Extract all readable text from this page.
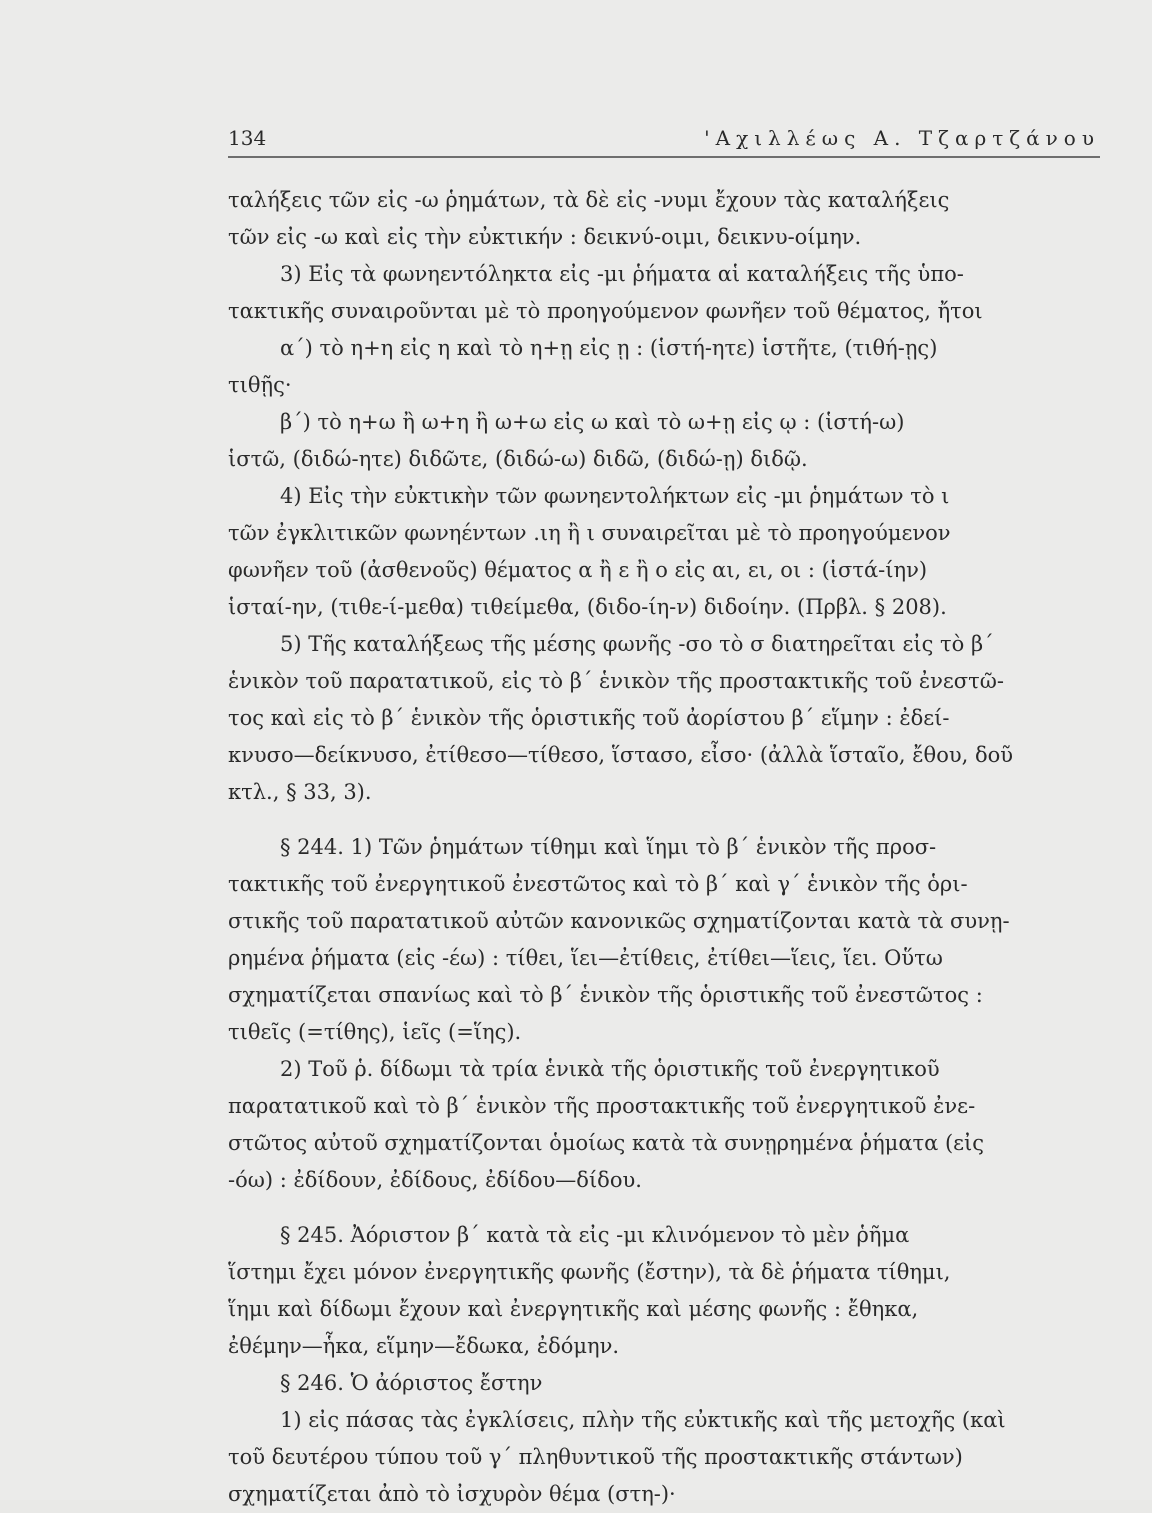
134	'Αχιλλέως Α. Τζαρτζάνου

ταλήξεις τῶν εἰς -ω ῥημάτων, τὰ δὲ εἰς -νυμι ἔχουν τὰς καταλήξεις

τῶν εἰς -ω καὶ εἰς τὴν εὐκτικήν : δεικνύ-οιμι, δεικνυ-οίμην.

3) Εἰς τὰ φωνηεντόληκτα εἰς -μι ῥήματα αἱ καταλήξεις τῆς ὑπο-

τακτικῆς συναιροῦνται μὲ τὸ προηγούμενον φωνῆεν τοῦ θέματος, ἤτοι

α΄) τὸ η+η εἰς η καὶ τὸ η+ῃ εἰς ῃ : (ἱστή-ητε) ἱστῆτε, (τιθή-ῃς)

τιθῇς·

β΄) τὸ η+ω ἢ ω+η ἢ ω+ω εἰς ω καὶ τὸ ω+ῃ εἰς ῳ : (ἱστή-ω)

ἱστῶ, (διδώ-ητε) διδῶτε, (διδώ-ω) διδῶ, (διδώ-ῃ) διδῷ.

4) Εἰς τὴν εὐκτικὴν τῶν φωνηεντολήκτων εἰς -μι ῥημάτων τὸ ι

τῶν ἐγκλιτικῶν φωνηέντων .ιη ἢ ι συναιρεῖται μὲ τὸ προηγούμενον

φωνῆεν τοῦ (ἀσθενοῦς) θέματος α ἢ ε ἢ ο εἰς αι, ει, οι : (ἱστά-ίην)

ἱσταί-ην, (τιθε-ί-μεθα) τιθείμεθα, (διδο-ίη-ν) διδοίην. (Πρβλ. § 208).

5) Τῆς καταλήξεως τῆς μέσης φωνῆς -σο τὸ σ διατηρεῖται εἰς τὸ β΄

ἑνικὸν τοῦ παρατατικοῦ, εἰς τὸ β΄ ἑνικὸν τῆς προστακτικῆς τοῦ ἐνεστῶ-

τος καὶ εἰς τὸ β΄ ἑνικὸν τῆς ὁριστικῆς τοῦ ἀορίστου β΄ εἵμην : ἐδεί-

κνυσο—δείκνυσο, ἐτίθεσο—τίθεσο, ἵστασο, εἶσο· (ἀλλὰ ἵσταῖο, ἔθου, δοῦ

κτλ., § 33, 3).

§ 244. 1) Τῶν ῥημάτων τίθημι καὶ ἵημι τὸ β΄ ἑνικὸν τῆς προσ-

τακτικῆς τοῦ ἐνεργητικοῦ ἐνεστῶτος καὶ τὸ β΄ καὶ γ΄ ἑνικὸν τῆς ὁρι-

στικῆς τοῦ παρατατικοῦ αὐτῶν κανονικῶς σχηματίζονται κατὰ τὰ συνῃ-

ρημένα ῥήματα (εἰς -έω) : τίθει, ἵει—ἐτίθεις, ἐτίθει—ἵεις, ἵει. Οὕτω

σχηματίζεται σπανίως καὶ τὸ β΄ ἑνικὸν τῆς ὁριστικῆς τοῦ ἐνεστῶτος :

τιθεῖς (=τίθης), ἱεῖς (=ἵης).

2) Τοῦ ῥ. δίδωμι τὰ τρία ἑνικὰ τῆς ὁριστικῆς τοῦ ἐνεργητικοῦ

παρατατικοῦ καὶ τὸ β΄ ἑνικὸν τῆς προστακτικῆς τοῦ ἐνεργητικοῦ ἐνε-

στῶτος αὐτοῦ σχηματίζονται ὁμοίως κατὰ τὰ συνῃρημένα ῥήματα (εἰς

-όω) : ἐδίδουν, ἐδίδους, ἐδίδου—δίδου.

§ 245. Ἀόριστον β΄ κατὰ τὰ εἰς -μι κλινόμενον τὸ μὲν ῥῆμα

ἵστημι ἔχει μόνον ἐνεργητικῆς φωνῆς (ἔστην), τὰ δὲ ῥήματα τίθημι,

ἵημι καὶ δίδωμι ἔχουν καὶ ἐνεργητικῆς καὶ μέσης φωνῆς : ἔθηκα,

ἐθέμην—ἧκα, εἵμην—ἔδωκα, ἐδόμην.

§ 246. Ὁ ἀόριστος ἔστην

1) εἰς πάσας τὰς ἐγκλίσεις, πλὴν τῆς εὐκτικῆς καὶ τῆς μετοχῆς (καὶ

τοῦ δευτέρου τύπου τοῦ γ΄ πληθυντικοῦ τῆς προστακτικῆς στάντων)

σχηματίζεται ἀπὸ τὸ ἰσχυρὸν θέμα (στη-)·
